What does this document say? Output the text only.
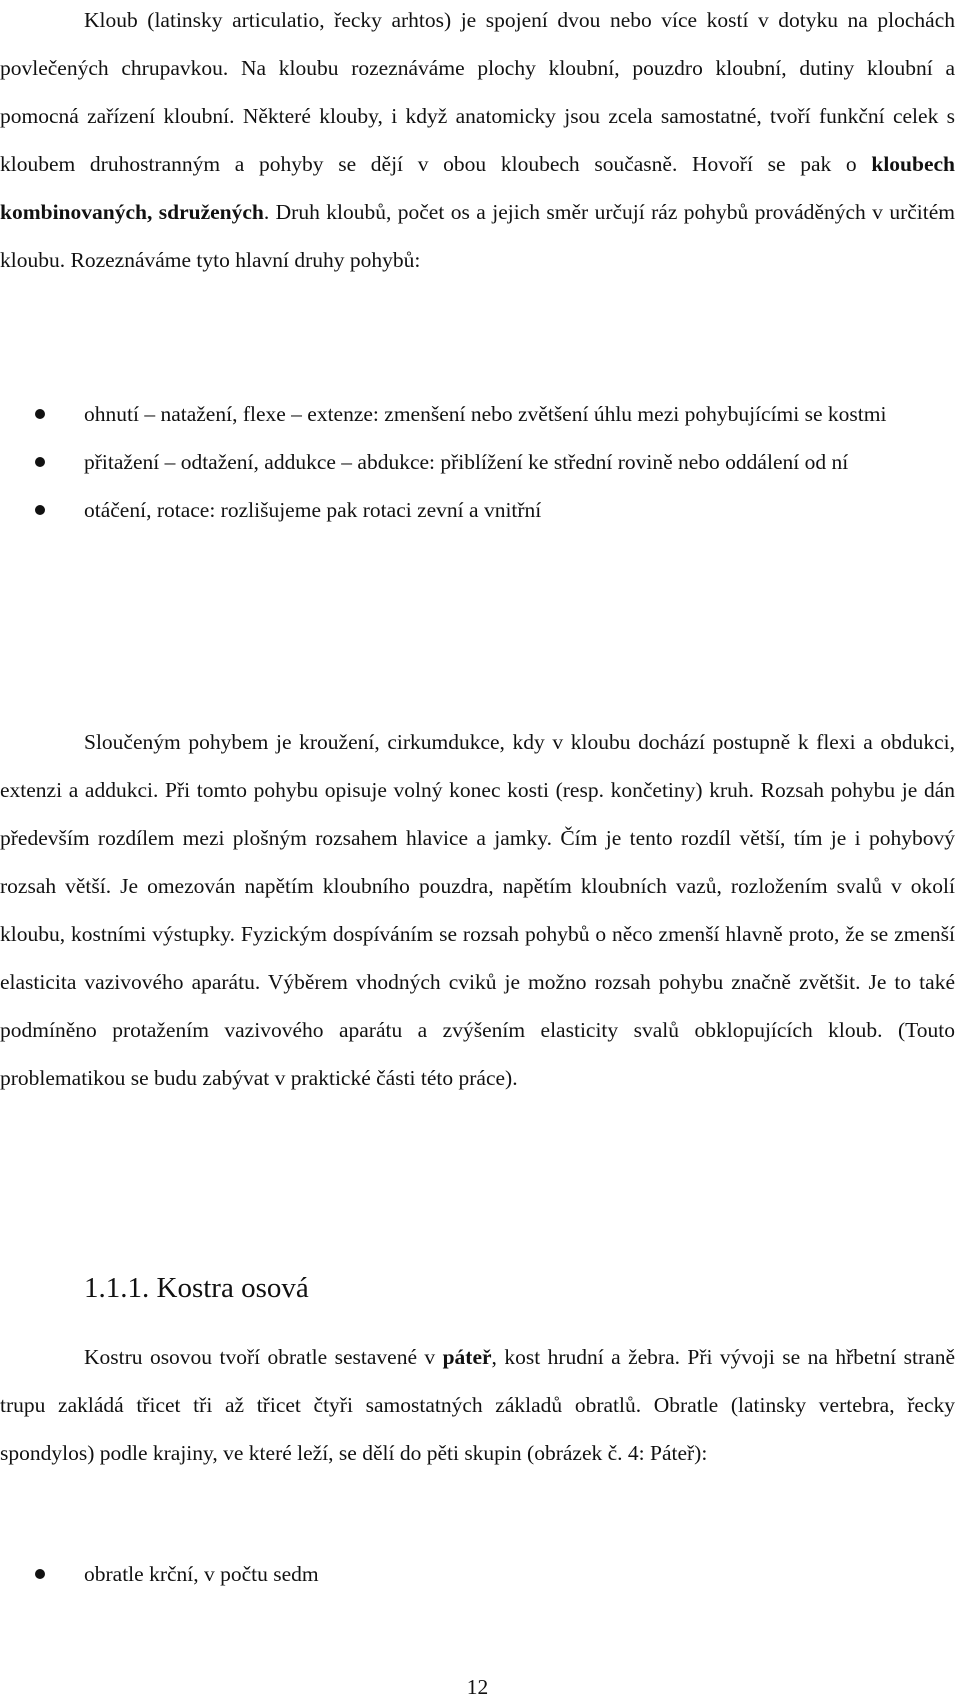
Kloub (latinsky articulatio, řecky arhtos) je spojení dvou nebo více kostí v dotyku na plochách povlečených chrupavkou. Na kloubu rozeznáváme plochy kloubní, pouzdro kloubní, dutiny kloubní a pomocná zařízení kloubní. Některé klouby, i když anatomicky jsou zcela samostatné, tvoří funkční celek s kloubem druhostranným a pohyby se dějí v obou kloubech současně. Hovoří se pak o kloubech kombinovaných, sdružených. Druh kloubů, počet os a jejich směr určují ráz pohybů prováděných v určitém kloubu. Rozeznáváme tyto hlavní druhy pohybů:

ohnutí – natažení, flexe – extenze: zmenšení nebo zvětšení úhlu mezi pohybujícími se kostmi
přitažení – odtažení, addukce – abdukce: přiblížení ke střední rovině nebo oddálení od ní
otáčení, rotace: rozlišujeme pak rotaci zevní a vnitřní

Sloučeným pohybem je kroužení, cirkumdukce, kdy v kloubu dochází postupně k flexi a obdukci, extenzi a addukci. Při tomto pohybu opisuje volný konec kosti (resp. končetiny) kruh. Rozsah pohybu je dán především rozdílem mezi plošným rozsahem hlavice a jamky. Čím je tento rozdíl větší, tím je i pohybový rozsah větší. Je omezován napětím kloubního pouzdra, napětím kloubních vazů, rozložením svalů v okolí kloubu, kostními výstupky. Fyzickým dospíváním se rozsah pohybů o něco zmenší hlavně proto, že se zmenší elasticita vazivového aparátu. Výběrem vhodných cviků je možno rozsah pohybu značně zvětšit. Je to také podmíněno protažením vazivového aparátu a zvýšením elasticity svalů obklopujících kloub. (Touto problematikou se budu zabývat v praktické části této práce).

1.1.1. Kostra osová

Kostru osovou tvoří obratle sestavené v páteř, kost hrudní a žebra. Při vývoji se na hřbetní straně trupu zakládá třicet tři až třicet čtyři samostatných základů obratlů. Obratle (latinsky vertebra, řecky spondylos) podle krajiny, ve které leží, se dělí do pěti skupin (obrázek č. 4: Páteř):

obratle krční, v počtu sedm
12
